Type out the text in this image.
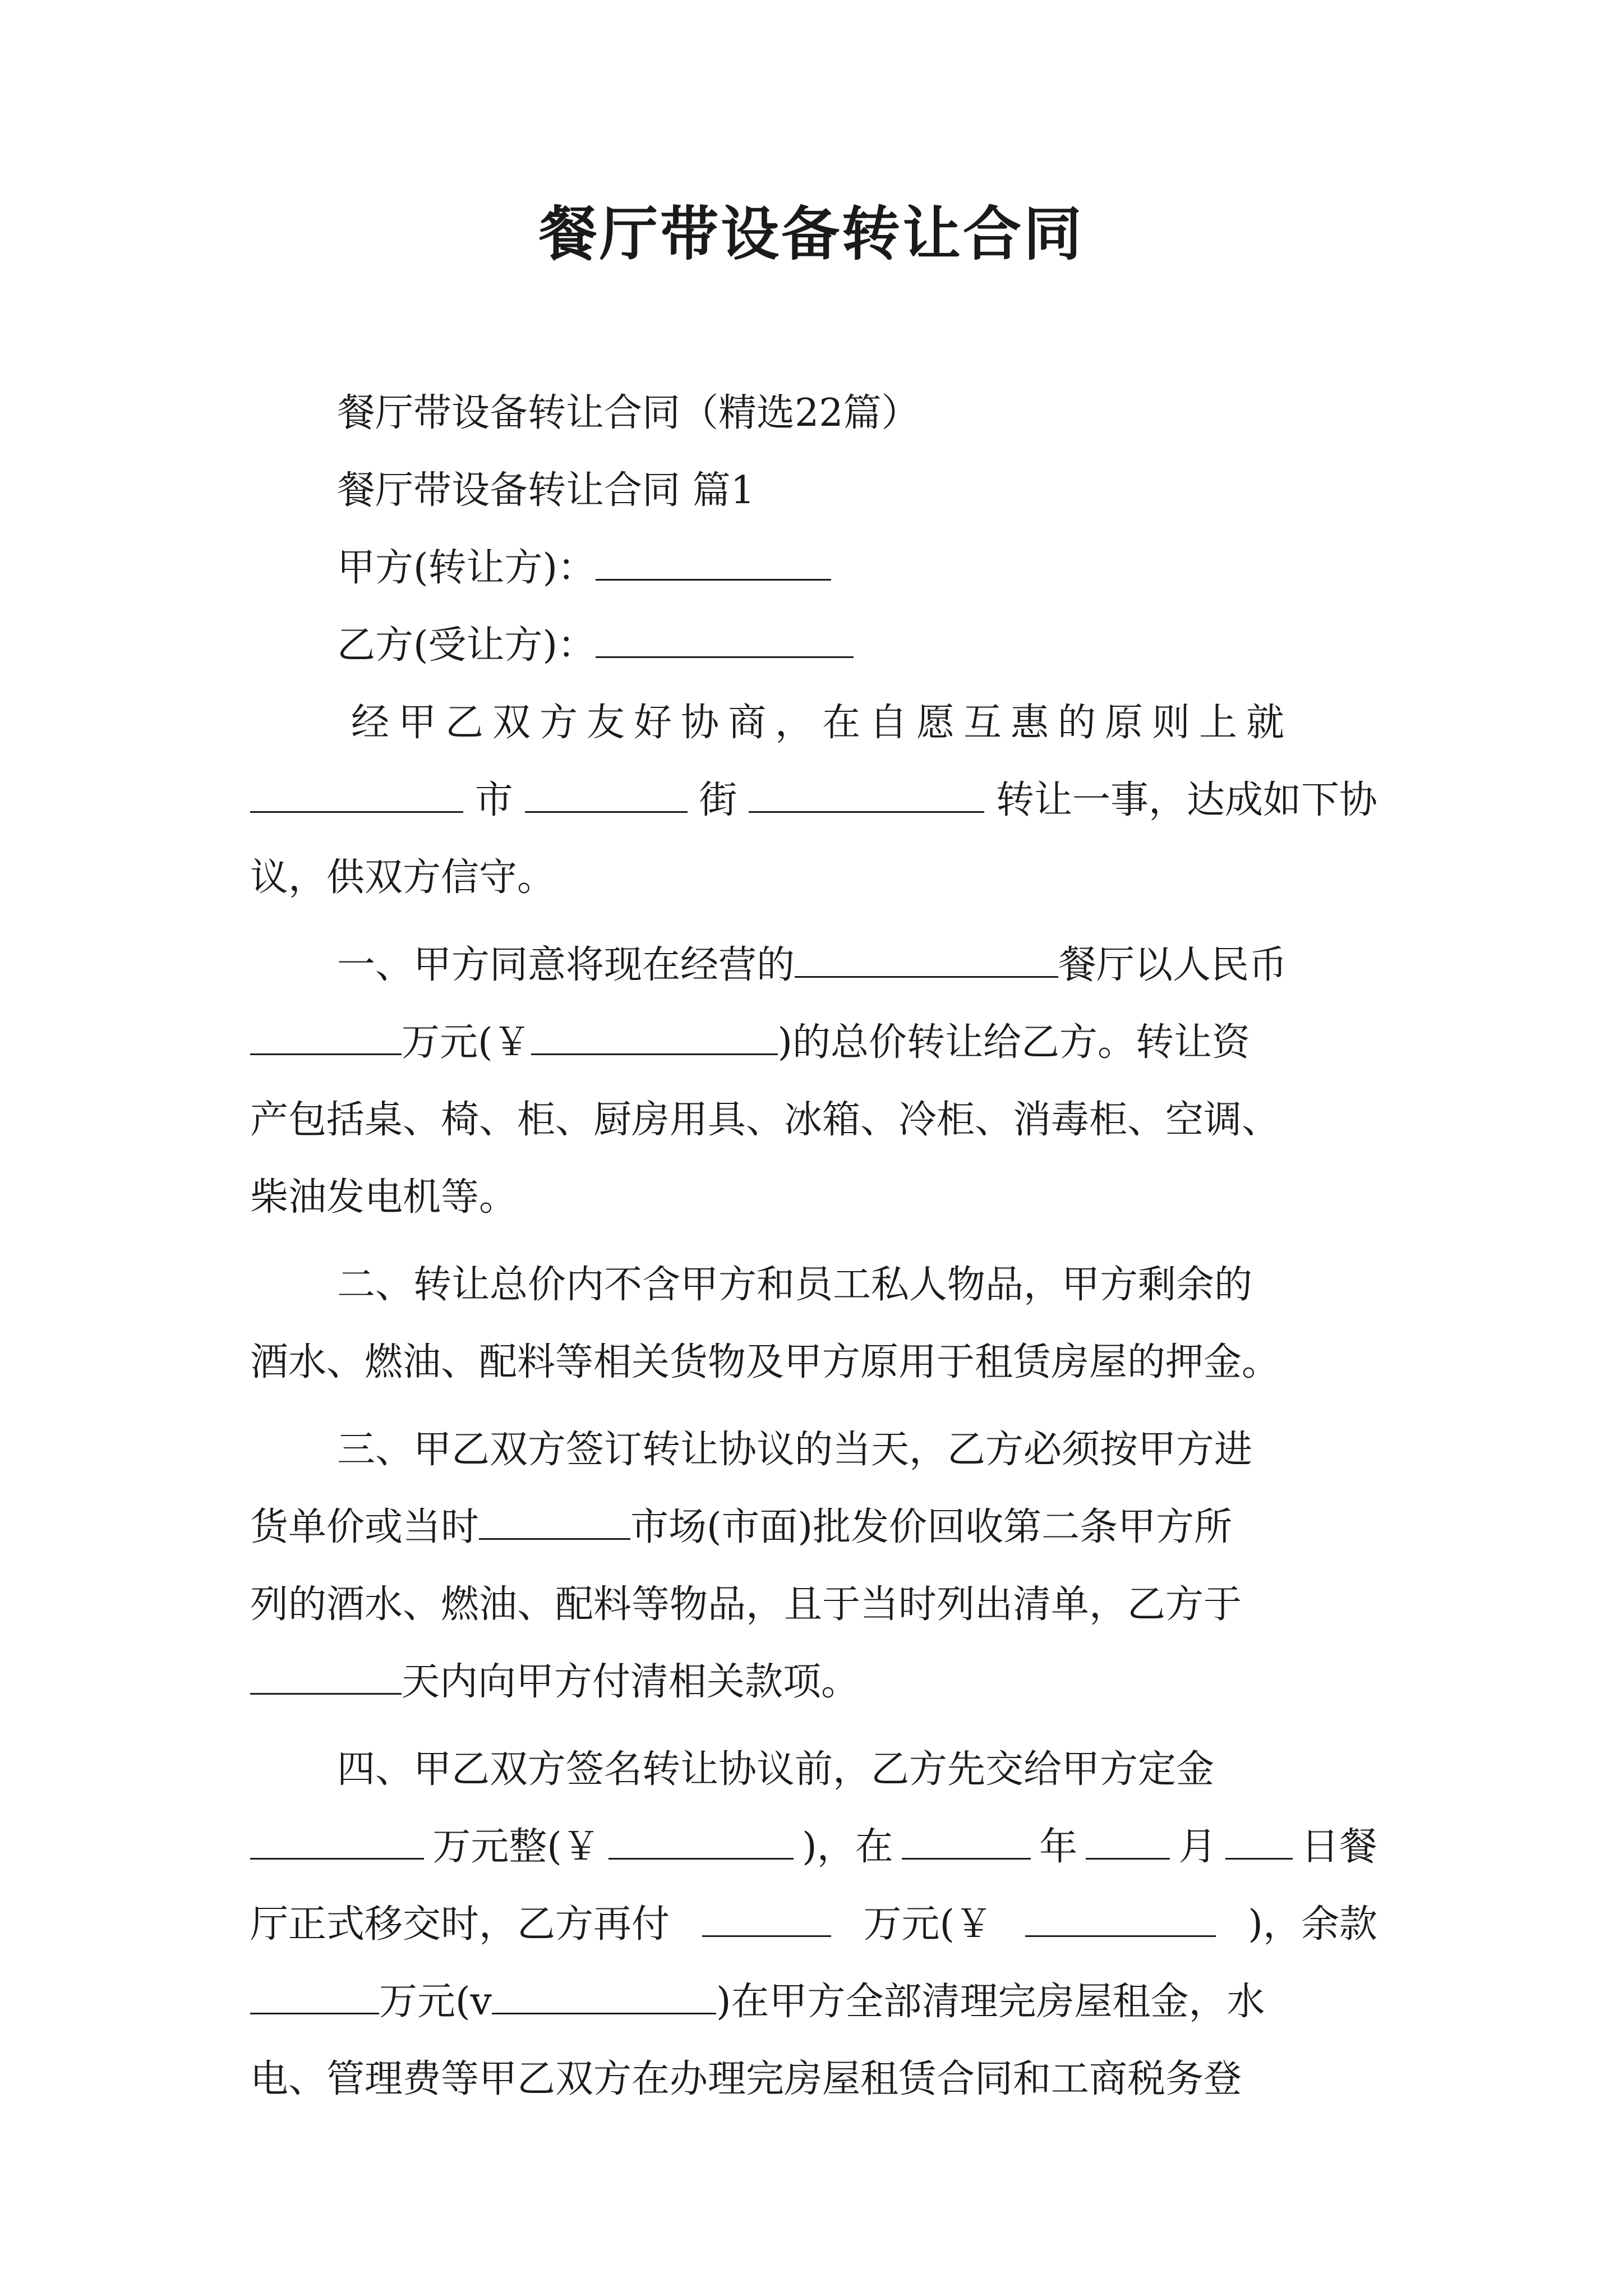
餐厅带设备转让合同
餐厅带设备转让合同（精选22篇）
餐厅带设备转让合同 篇1
甲方(转让方)：
乙方(受让方)：
经甲乙双方友好协商，在自愿互惠的原则上就
市	街	转让一事，达成如下协
议，供双方信守。
一、甲方同意将现在经营的	餐厅以人民币
万元(￥	)的总价转让给乙方。转让资
产包括桌、椅、柜、厨房用具、冰箱、冷柜、消毒柜、空调、
柴油发电机等。
二、转让总价内不含甲方和员工私人物品，甲方剩余的
酒水、燃油、配料等相关货物及甲方原用于租赁房屋的押金。
三、甲乙双方签订转让协议的当天，乙方必须按甲方进
货单价或当时	市场(市面)批发价回收第二条甲方所
列的酒水、燃油、配料等物品，且于当时列出清单，乙方于
天内向甲方付清相关款项。
四、甲乙双方签名转让协议前，乙方先交给甲方定金
万元整(￥	)，在	年	月 日餐
厅正式移交时，乙方再付	万元(￥	)，余款
万元(v	)在甲方全部清理完房屋租金，水
电、管理费等甲乙双方在办理完房屋租赁合同和工商税务登
